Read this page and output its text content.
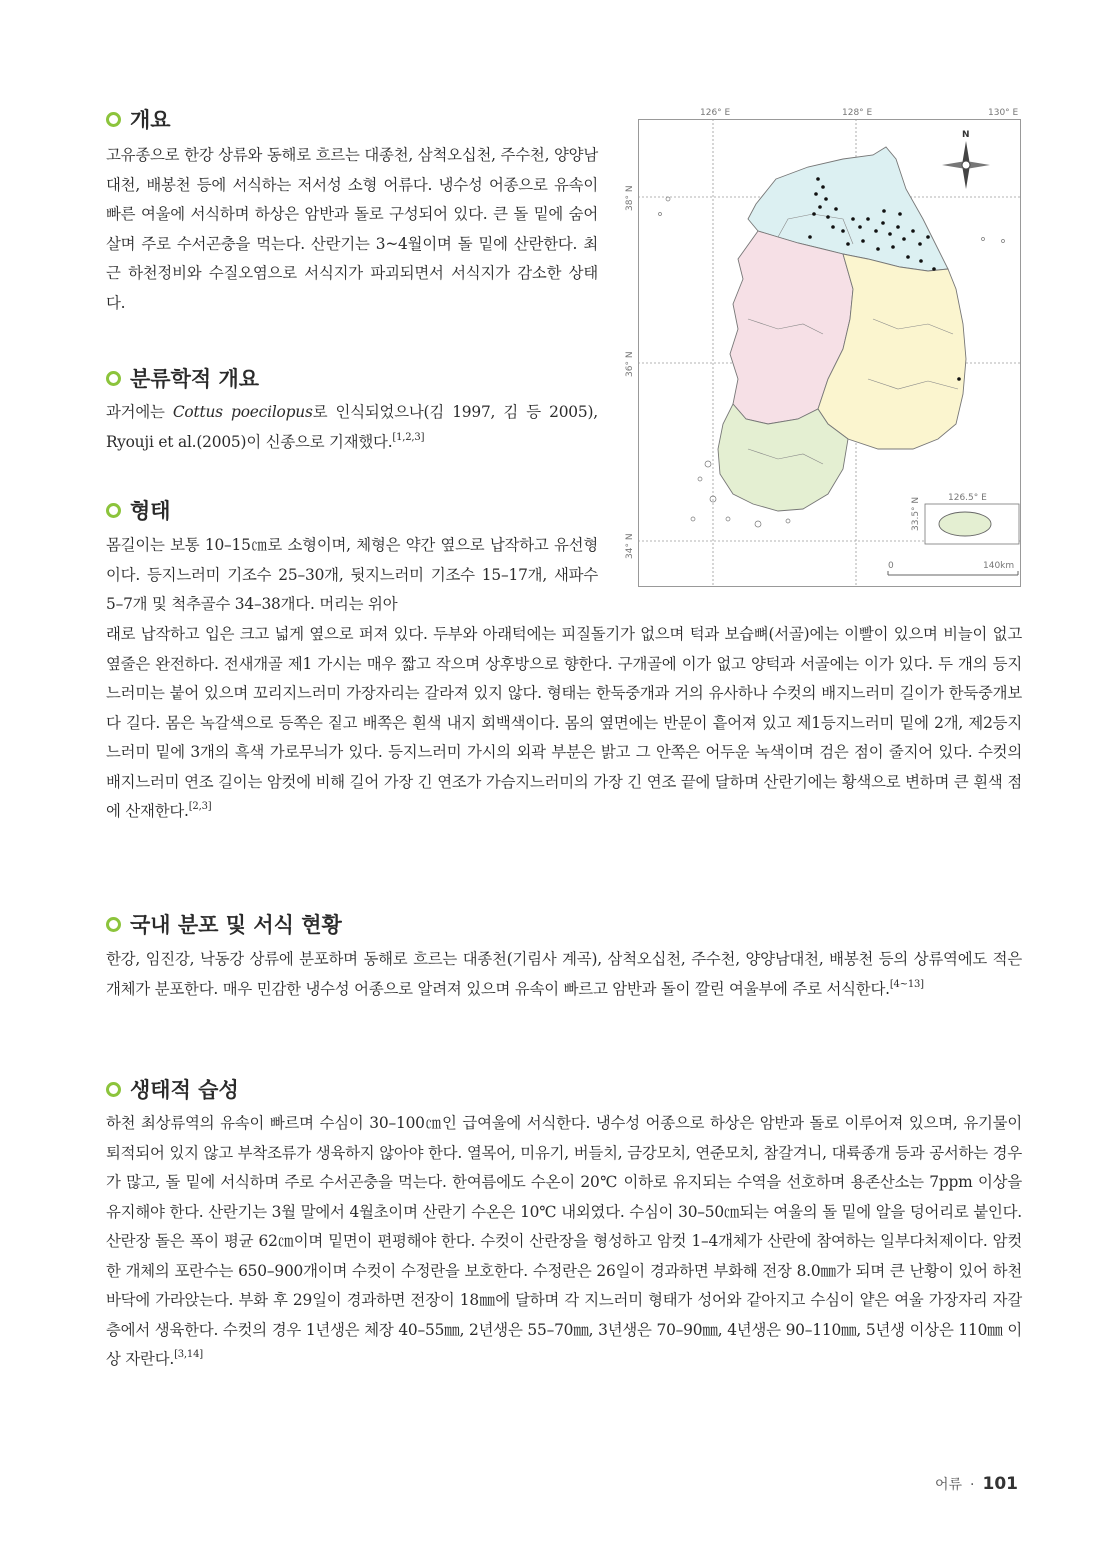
개요

고유종으로 한강 상류와 동해로 흐르는 대종천, 삼척오십천, 주수천, 양양남대천, 배봉천 등에 서식하는 저서성 소형 어류다. 냉수성 어종으로 유속이 빠른 여울에 서식하며 하상은 암반과 돌로 구성되어 있다. 큰 돌 밑에 숨어 살며 주로 수서곤충을 먹는다. 산란기는 3~4월이며 돌 밑에 산란한다. 최근 하천정비와 수질오염으로 서식지가 파괴되면서 서식지가 감소한 상태다.

분류학적 개요

과거에는 Cottus poecilopus로 인식되었으나(김 1997, 김 등 2005), Ryouji et al.(2005)이 신종으로 기재했다.[1,2,3]

형태

몸길이는 보통 10–15㎝로 소형이며, 체형은 약간 옆으로 납작하고 유선형이다. 등지느러미 기조수 25–30개, 뒷지느러미 기조수 15–17개, 새파수 5–7개 및 척추골수 34–38개다. 머리는 위아

래로 납작하고 입은 크고 넓게 옆으로 퍼져 있다. 두부와 아래턱에는 피질돌기가 없으며 턱과 보습뼈(서골)에는 이빨이 있으며 비늘이 없고 옆줄은 완전하다. 전새개골 제1 가시는 매우 짧고 작으며 상후방으로 향한다. 구개골에 이가 없고 양턱과 서골에는 이가 있다. 두 개의 등지느러미는 붙어 있으며 꼬리지느러미 가장자리는 갈라져 있지 않다. 형태는 한둑중개과 거의 유사하나 수컷의 배지느러미 길이가 한둑중개보다 길다. 몸은 녹갈색으로 등쪽은 짙고 배쪽은 흰색 내지 회백색이다. 몸의 옆면에는 반문이 흩어져 있고 제1등지느러미 밑에 2개, 제2등지느러미 밑에 3개의 흑색 가로무늬가 있다. 등지느러미 가시의 외곽 부분은 밝고 그 안쪽은 어두운 녹색이며 검은 점이 줄지어 있다. 수컷의 배지느러미 연조 길이는 암컷에 비해 길어 가장 긴 연조가 가슴지느러미의 가장 긴 연조 끝에 달하며 산란기에는 황색으로 변하며 큰 흰색 점에 산재한다.[2,3]

국내 분포 및 서식 현황

한강, 임진강, 낙동강 상류에 분포하며 동해로 흐르는 대종천(기림사 계곡), 삼척오십천, 주수천, 양양남대천, 배봉천 등의 상류역에도 적은 개체가 분포한다. 매우 민감한 냉수성 어종으로 알려져 있으며 유속이 빠르고 암반과 돌이 깔린 여울부에 주로 서식한다.[4~13]

생태적 습성

하천 최상류역의 유속이 빠르며 수심이 30–100㎝인 급여울에 서식한다. 냉수성 어종으로 하상은 암반과 돌로 이루어져 있으며, 유기물이 퇴적되어 있지 않고 부착조류가 생육하지 않아야 한다. 열목어, 미유기, 버들치, 금강모치, 연준모치, 참갈겨니, 대륙종개 등과 공서하는 경우가 많고, 돌 밑에 서식하며 주로 수서곤충을 먹는다. 한여름에도 수온이 20℃ 이하로 유지되는 수역을 선호하며 용존산소는 7ppm 이상을 유지해야 한다. 산란기는 3월 말에서 4월초이며 산란기 수온은 10℃ 내외였다. 수심이 30–50㎝되는 여울의 돌 밑에 알을 덩어리로 붙인다. 산란장 돌은 폭이 평균 62㎝이며 밑면이 편평해야 한다. 수컷이 산란장을 형성하고 암컷 1–4개체가 산란에 참여하는 일부다처제이다. 암컷 한 개체의 포란수는 650–900개이며 수컷이 수정란을 보호한다. 수정란은 26일이 경과하면 부화해 전장 8.0㎜가 되며 큰 난황이 있어 하천 바닥에 가라앉는다. 부화 후 29일이 경과하면 전장이 18㎜에 달하며 각 지느러미 형태가 성어와 같아지고 수심이 얕은 여울 가장자리 자갈층에서 생육한다. 수컷의 경우 1년생은 체장 40–55㎜, 2년생은 55–70㎜, 3년생은 70–90㎜, 4년생은 90–110㎜, 5년생 이상은 110㎜ 이상 자란다.[3,14]

126° E	128° E	130° E
38° N
36° N
34° N
N
126.5° E
33.5° N
0	140km
어류 · 101
